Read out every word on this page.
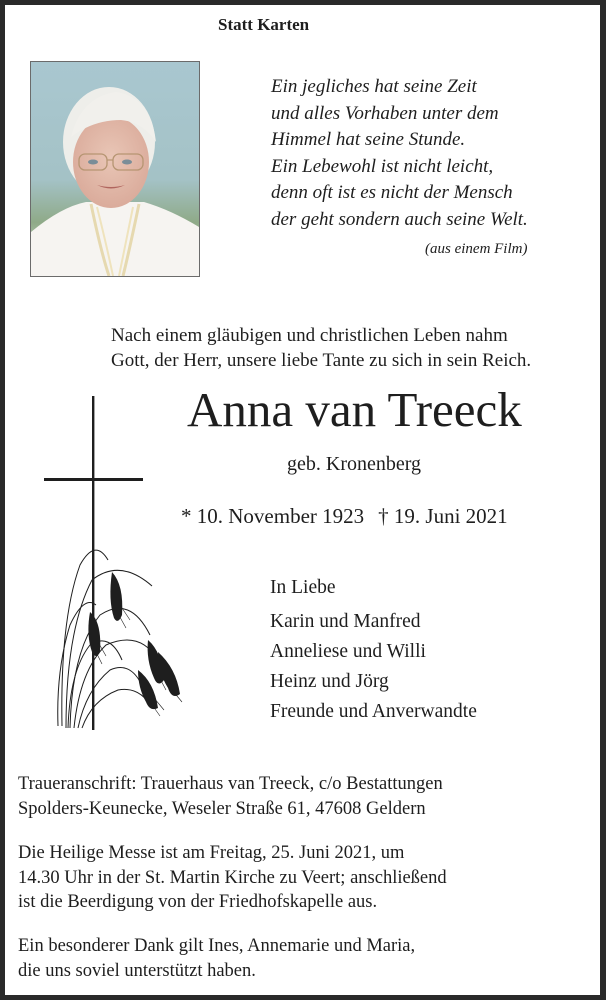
Statt Karten
Ein jegliches hat seine Zeit
und alles Vorhaben unter dem
Himmel hat seine Stunde.
Ein Lebewohl ist nicht leicht,
denn oft ist es nicht der Mensch
der geht sondern auch seine Welt.
(aus einem Film)
Nach einem gläubigen und christlichen Leben nahm
Gott, der Herr, unsere liebe Tante zu sich in sein Reich.
Anna van Treeck
geb. Kronenberg
* 10. November 1923 † 19. Juni 2021
In Liebe
Karin und Manfred
Anneliese und Willi
Heinz und Jörg
Freunde und Anverwandte
Traueranschrift: Trauerhaus van Treeck, c/o Bestattungen
Spolders-Keunecke, Weseler Straße 61, 47608 Geldern
Die Heilige Messe ist am Freitag, 25. Juni 2021, um
14.30 Uhr in der St. Martin Kirche zu Veert; anschließend
ist die Beerdigung von der Friedhofskapelle aus.
Ein besonderer Dank gilt Ines, Annemarie und Maria,
die uns soviel unterstützt haben.
